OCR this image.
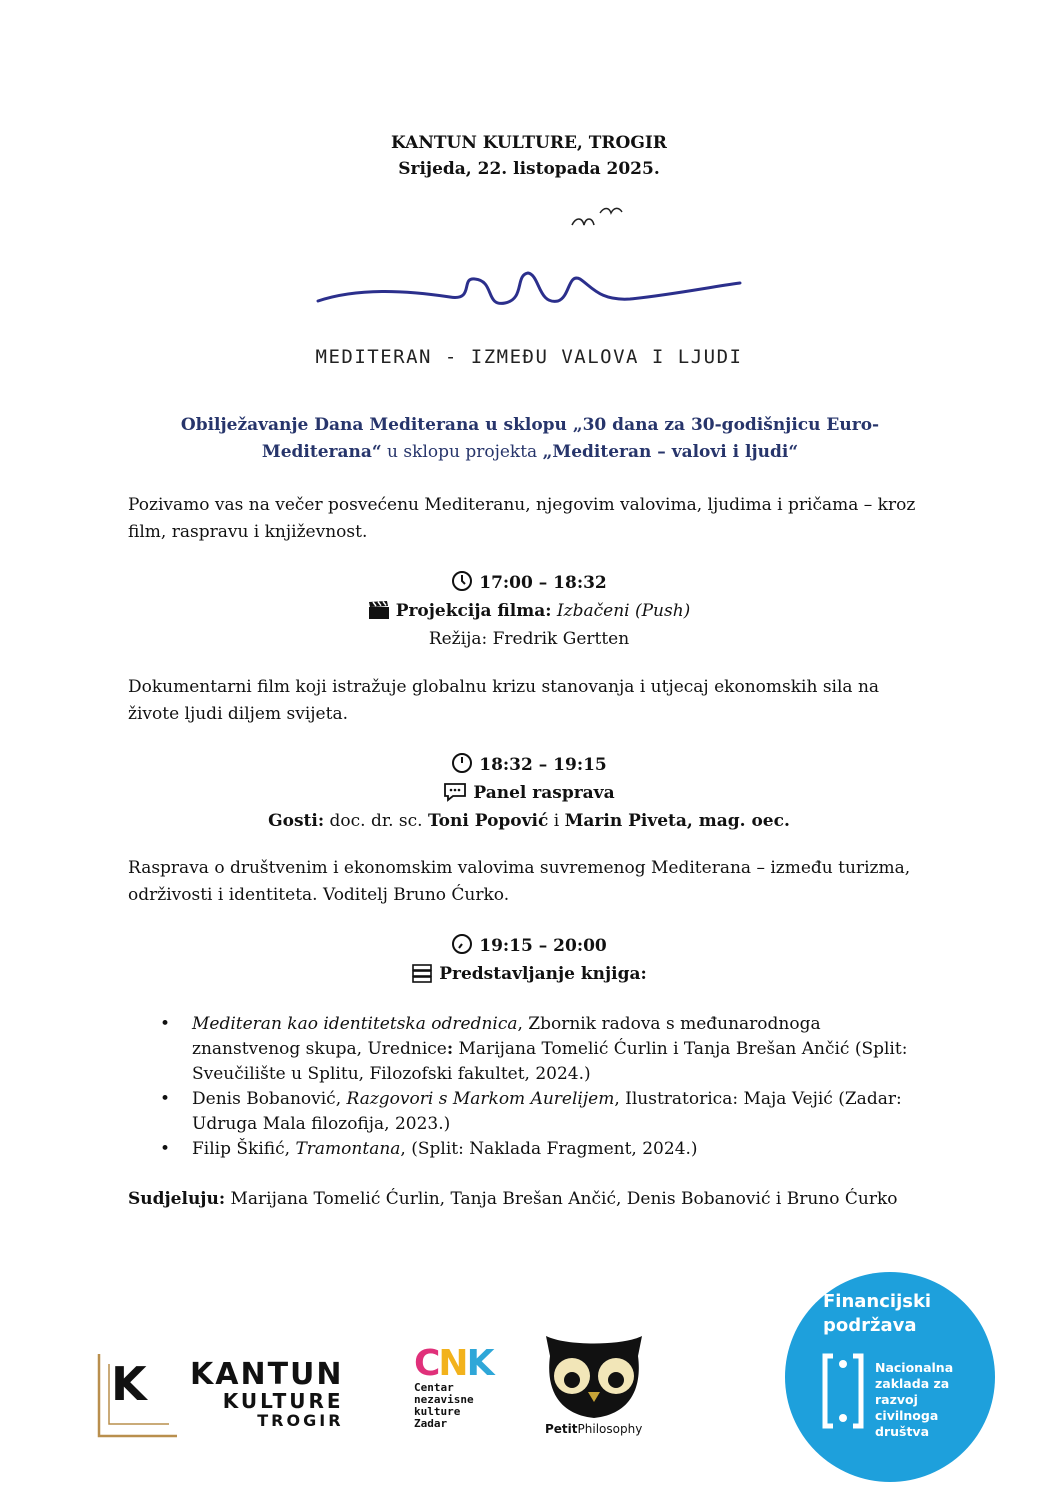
KANTUN KULTURE, TROGIR
Srijeda, 22. listopada 2025.
MEDITERAN - IZMEĐU VALOVA I LJUDI
Obilježavanje Dana Mediterana u sklopu „30 dana za 30-godišnjicu Euro-Mediterana“ u sklopu projekta „Mediteran – valovi i ljudi“
Pozivamo vas na večer posvećenu Mediteranu, njegovim valovima, ljudima i pričama – kroz film, raspravu i književnost.
17:00 – 18:32
Projekcija filma: Izbačeni (Push)
Režija: Fredrik Gertten
Dokumentarni film koji istražuje globalnu krizu stanovanja i utjecaj ekonomskih sila na živote ljudi diljem svijeta.
18:32 – 19:15
Panel rasprava
Gosti: doc. dr. sc. Toni Popović i Marin Piveta, mag. oec.
Rasprava o društvenim i ekonomskim valovima suvremenog Mediterana – između turizma, održivosti i identiteta. Voditelj Bruno Ćurko.
19:15 – 20:00
Predstavljanje knjiga:
• Mediteran kao identitetska odrednica, Zbornik radova s međunarodnoga znanstvenog skupa, Urednice: Marijana Tomelić Ćurlin i Tanja Brešan Ančić (Split: Sveučilište u Splitu, Filozofski fakultet, 2024.)
• Denis Bobanović, Razgovori s Markom Aurelijem, Ilustratorica: Maja Vejić (Zadar: Udruga Mala filozofija, 2023.)
• Filip Škifić, Tramontana, (Split: Naklada Fragment, 2024.)
Sudjeluju: Marijana Tomelić Ćurlin, Tanja Brešan Ančić, Denis Bobanović i Bruno Ćurko
K KANTUN
KULTURE
TROGIR
CNK
Centar
nezavisne
kulture
Zadar	PetitPhilosophy
Financijski
podržava
Nacionalna
zaklada za
razvoj
civilnoga
društva
